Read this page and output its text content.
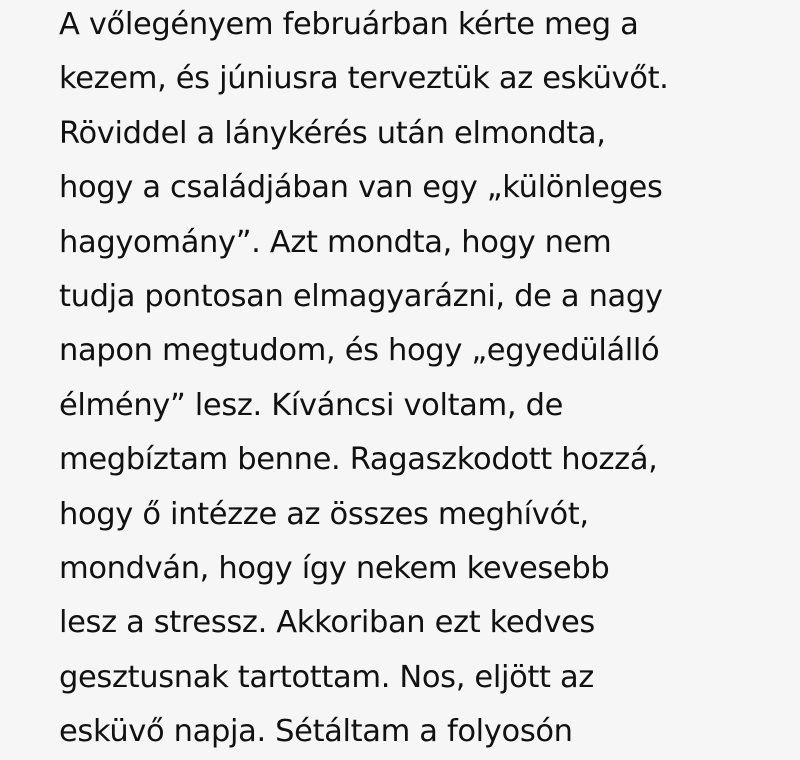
A vőlegényem februárban kérte meg a
kezem, és júniusra terveztük az esküvőt.
Röviddel a lánykérés után elmondta,
hogy a családjában van egy „különleges
hagyomány”. Azt mondta, hogy nem
tudja pontosan elmagyarázni, de a nagy
napon megtudom, és hogy „egyedülálló
élmény” lesz. Kíváncsi voltam, de
megbíztam benne. Ragaszkodott hozzá,
hogy ő intézze az összes meghívót,
mondván, hogy így nekem kevesebb
lesz a stressz. Akkoriban ezt kedves
gesztusnak tartottam. Nos, eljött az
esküvő napja. Sétáltam a folyosón
